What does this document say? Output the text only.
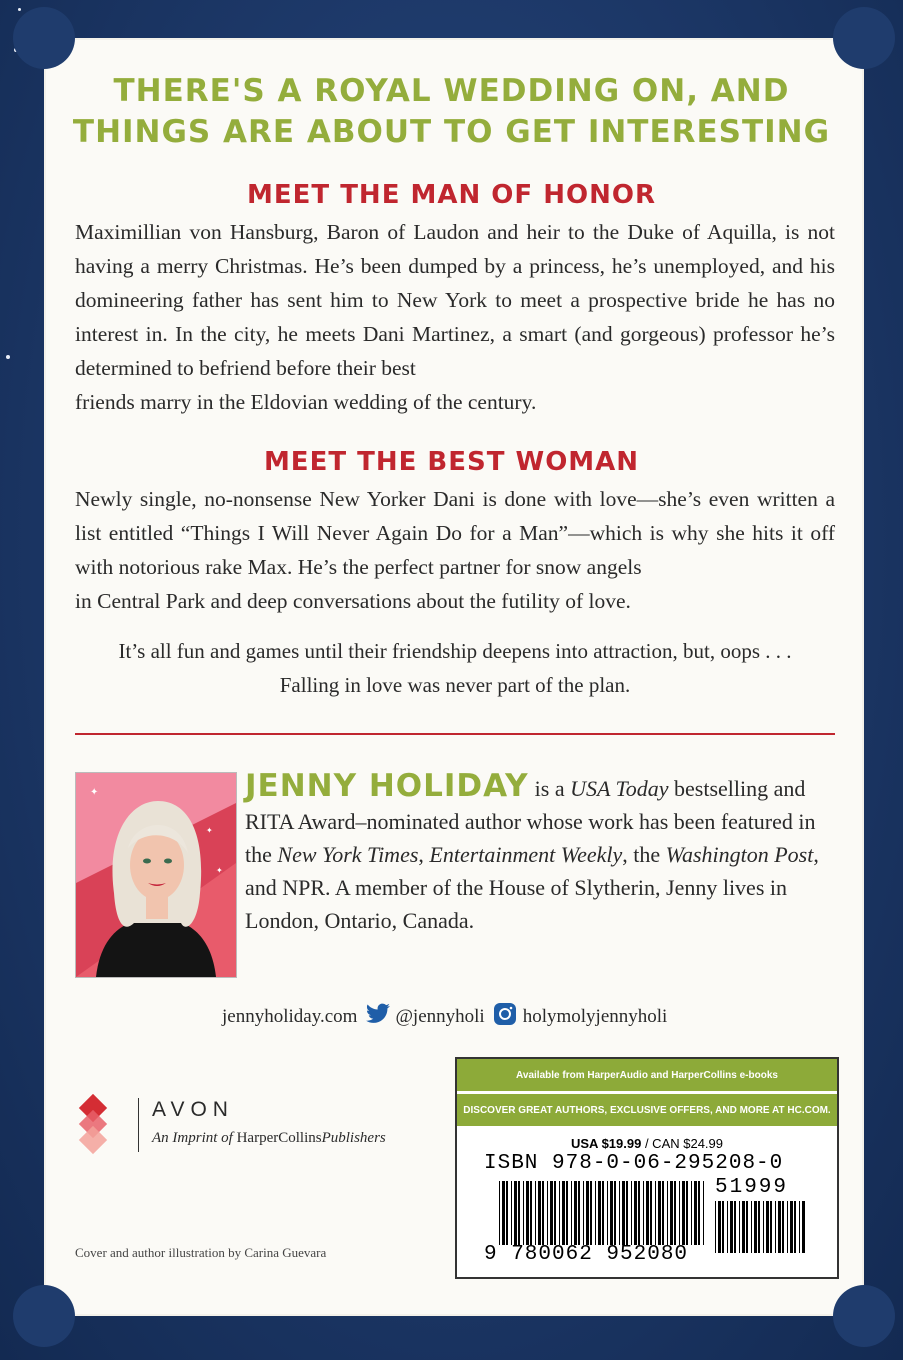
THERE'S A ROYAL WEDDING ON, AND
THINGS ARE ABOUT TO GET INTERESTING
MEET THE MAN OF HONOR

Maximillian von Hansburg, Baron of Laudon and heir to the Duke of Aquilla, is not having a merry Christmas. He’s been dumped by a princess, he’s unemployed, and his domineering father has sent him to New York to meet a prospective bride he has no interest in. In the city, he meets Dani Martinez, a smart (and gorgeous) professor he’s determined to befriend before their best
friends marry in the Eldovian wedding of the century.

MEET THE BEST WOMAN

Newly single, no-nonsense New Yorker Dani is done with love—she’s even written a list entitled “Things I Will Never Again Do for a Man”—which is why she hits it off with notorious rake Max. He’s the perfect partner for snow angels
in Central Park and deep conversations about the futility of love.

It’s all fun and games until their friendship deepens into attraction, but, oops . . .
Falling in love was never part of the plan.

✦
✦
✦

JENNY HOLIDAY is a USA Today bestselling and RITA Award–nominated author whose work has been featured in the New York Times, Entertainment Weekly, the Washington Post, and NPR. A member of the House of Slytherin, Jenny lives in London, Ontario, Canada.

jennyholiday.com @jennyholi holymolyjennyholi
AVON
An Imprint of HarperCollinsPublishers
Cover and author illustration by Carina Guevara
Available from HarperAudio and HarperCollins e-books
DISCOVER GREAT AUTHORS, EXCLUSIVE OFFERS, AND MORE AT HC.COM.
USA $19.99 / CAN $24.99
ISBN 978-0-06-295208-0
51999
9 780062 952080
